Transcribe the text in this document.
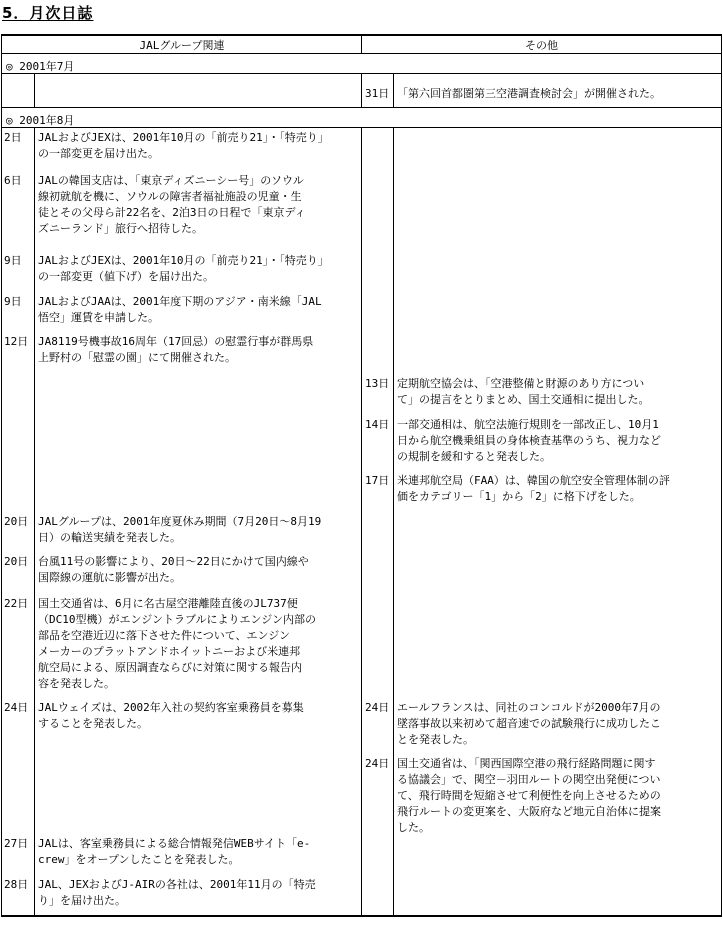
5．月次日誌
JALグループ関連	その他
◎ 2001年7月
31日 「第六回首都圏第三空港調査検討会」が開催された。
◎ 2001年8月
2日 JALおよびJEXは、2001年10月の「前売り21」・「特売り」
の一部変更を届け出た。
6日 JALの韓国支店は、「東京ディズニーシー号」のソウル
線初就航を機に、ソウルの障害者福祉施設の児童・生
徒とその父母ら計22名を、2泊3日の日程で「東京ディ
ズニーランド」旅行へ招待した。
9日 JALおよびJEXは、2001年10月の「前売り21」・「特売り」
の一部変更（値下げ）を届け出た。
9日 JALおよびJAAは、2001年度下期のアジア・南米線「JAL
悟空」運賃を申請した。
12日 JA8119号機事故16周年（17回忌）の慰霊行事が群馬県
上野村の「慰霊の園」にて開催された。
20日 JALグループは、2001年度夏休み期間（7月20日～8月19
日）の輸送実績を発表した。
20日 台風11号の影響により、20日～22日にかけて国内線や
国際線の運航に影響が出た。
22日 国土交通省は、6月に名古屋空港離陸直後のJL737便
（DC10型機）がエンジントラブルによりエンジン内部の
部品を空港近辺に落下させた件について、エンジン
メーカーのプラットアンドホイットニーおよび米連邦
航空局による、原因調査ならびに対策に関する報告内
容を発表した。
24日 JALウェイズは、2002年入社の契約客室乗務員を募集
することを発表した。
27日 JALは、客室乗務員による総合情報発信WEBサイト「e-
crew」をオープンしたことを発表した。
28日 JAL、JEXおよびJ-AIRの各社は、2001年11月の「特売
り」を届け出た。
13日 定期航空協会は、「空港整備と財源のあり方につい
て」の提言をとりまとめ、国土交通相に提出した。
14日 一部交通相は、航空法施行規則を一部改正し、10月1
日から航空機乗組員の身体検査基準のうち、視力など
の規制を緩和すると発表した。
17日 米連邦航空局（FAA）は、韓国の航空安全管理体制の評
価をカテゴリー「1」から「2」に格下げをした。
24日 エールフランスは、同社のコンコルドが2000年7月の
墜落事故以来初めて超音速での試験飛行に成功したこ
とを発表した。
24日 国土交通省は、「関西国際空港の飛行経路問題に関す
る協議会」で、関空－羽田ルートの関空出発便につい
て、飛行時間を短縮させて利便性を向上させるための
飛行ルートの変更案を、大阪府など地元自治体に提案
した。
